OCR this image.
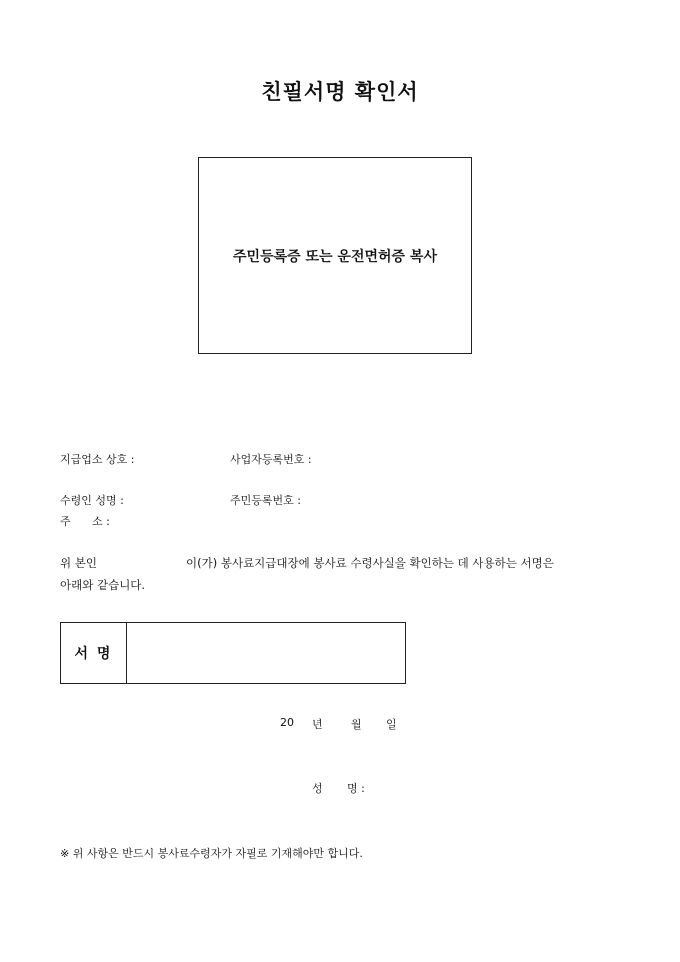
친필서명 확인서
주민등록증 또는 운전면허증 복사
지급업소 상호 :	사업자등록번호 :
수령인 성명 :	주민등록번호 :
주 소 :
위 본인	이(가) 봉사료지급대장에 봉사료 수령사실을 확인하는 데 사용하는 서명은
아래와 같습니다.
서 명
20 년	월 일
성 명 :
※ 위 사항은 반드시 봉사료수령자가 자필로 기재해야만 합니다.
